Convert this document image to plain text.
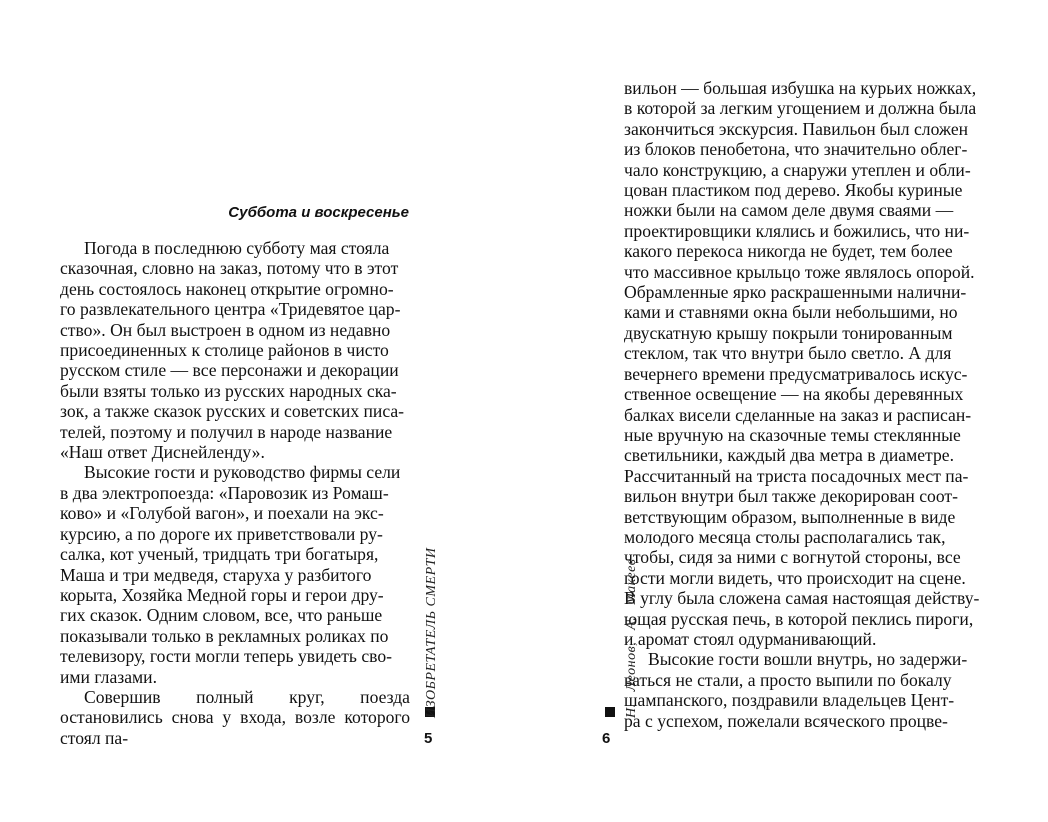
Суббота и воскресенье
Погода в последнюю субботу мая стояла
сказочная, словно на заказ, потому что в этот
день состоялось наконец открытие огромно-
го развлекательного центра «Тридевятое цар-
ство». Он был выстроен в одном из недавно
присоединенных к столице районов в чисто
русском стиле — все персонажи и декорации
были взяты только из русских народных ска-
зок, а также сказок русских и советских писа-
телей, поэтому и получил в народе название
«Наш ответ Диснейленду».
Высокие гости и руководство фирмы сели
в два электропоезда: «Паровозик из Ромаш-
ково» и «Голубой вагон», и поехали на экс-
курсию, а по дороге их приветствовали ру-
салка, кот ученый, тридцать три богатыря,
Маша и три медведя, старуха у разбитого
корыта, Хозяйка Медной горы и герои дру-
гих сказок. Одним словом, все, что раньше
показывали только в рекламных роликах по
телевизору, гости могли теперь увидеть сво-
ими глазами.
Совершив полный круг, поезда остановились снова у входа, возле которого стоял па-
ИЗОБРЕТАТЕЛЬ СМЕРТИ
5
вильон — большая избушка на курьих ножках,
в которой за легким угощением и должна была
закончиться экскурсия. Павильон был сложен
из блоков пенобетона, что значительно облег-
чало конструкцию, а снаружи утеплен и обли-
цован пластиком под дерево. Якобы куриные
ножки были на самом деле двумя сваями —
проектировщики клялись и божились, что ни-
какого перекоса никогда не будет, тем более
что массивное крыльцо тоже являлось опорой.
Обрамленные ярко раскрашенными налични-
ками и ставнями окна были небольшими, но
двускатную крышу покрыли тонированным
стеклом, так что внутри было светло. А для
вечернего времени предусматривалось искус-
ственное освещение — на якобы деревянных
балках висели сделанные на заказ и расписан-
ные вручную на сказочные темы стеклянные
светильники, каждый два метра в диаметре.
Рассчитанный на триста посадочных мест па-
вильон внутри был также декорирован соот-
ветствующим образом, выполненные в виде
молодого месяца столы располагались так,
чтобы, сидя за ними с вогнутой стороны, все
гости могли видеть, что происходит на сцене.
В углу была сложена самая настоящая действу-
ющая русская печь, в которой пеклись пироги,
и аромат стоял одурманивающий.
Высокие гости вошли внутрь, но задержи-
ваться не стали, а просто выпили по бокалу
шампанского, поздравили владельцев Цент-
ра с успехом, пожелали всяческого процве-
Н. Леонов, А. Макеев
6
